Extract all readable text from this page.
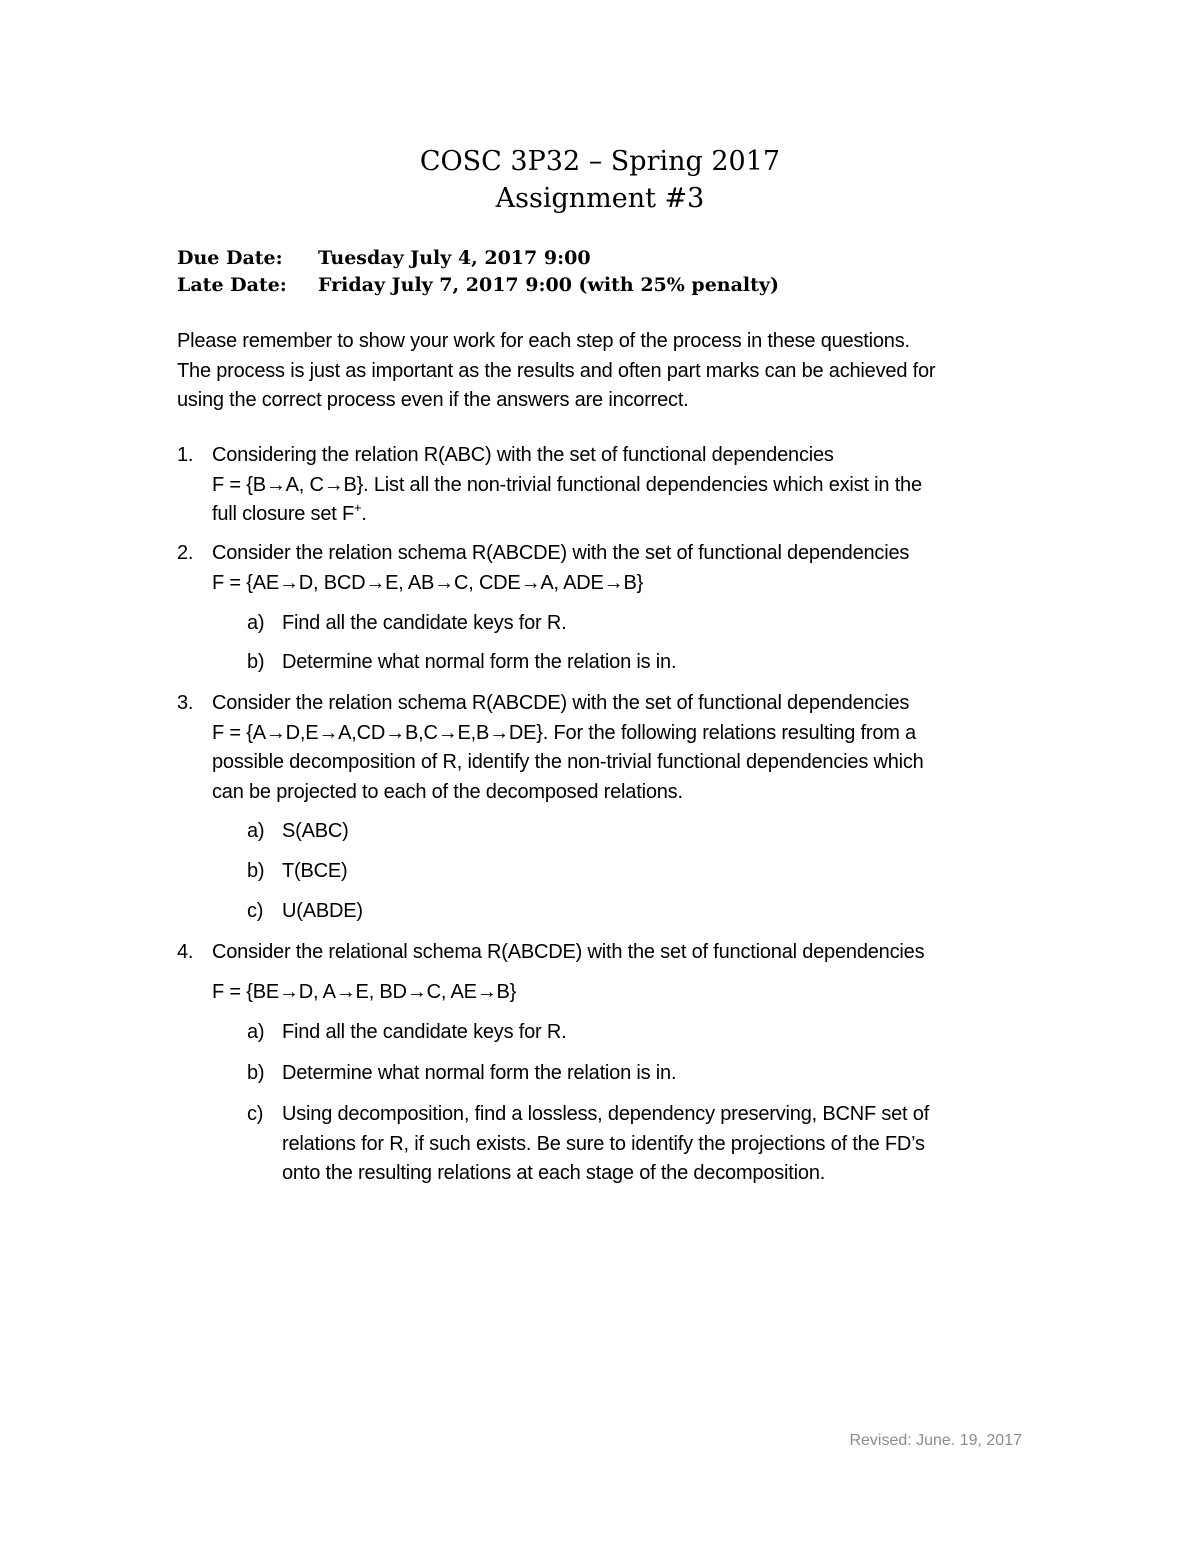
COSC 3P32 – Spring 2017
Assignment #3
Due Date: Tuesday July 4, 2017 9:00
Late Date: Friday July 7, 2017 9:00 (with 25% penalty)
Please remember to show your work for each step of the process in these questions.
The process is just as important as the results and often part marks can be achieved for
using the correct process even if the answers are incorrect.
1. Considering the relation R(ABC) with the set of functional dependencies
F = {B→A, C→B}. List all the non-trivial functional dependencies which exist in the
full closure set F+.
2. Consider the relation schema R(ABCDE) with the set of functional dependencies
F = {AE→D, BCD→E, AB→C, CDE→A, ADE→B}
a) Find all the candidate keys for R.
b) Determine what normal form the relation is in.
3. Consider the relation schema R(ABCDE) with the set of functional dependencies
F = {A→D,E→A,CD→B,C→E,B→DE}. For the following relations resulting from a
possible decomposition of R, identify the non-trivial functional dependencies which
can be projected to each of the decomposed relations.
a) S(ABC)
b) T(BCE)
c) U(ABDE)
4. Consider the relational schema R(ABCDE) with the set of functional dependencies
F = {BE→D, A→E, BD→C, AE→B}
a) Find all the candidate keys for R.
b) Determine what normal form the relation is in.
c) Using decomposition, find a lossless, dependency preserving, BCNF set of
relations for R, if such exists. Be sure to identify the projections of the FD’s
onto the resulting relations at each stage of the decomposition.
Revised: June. 19, 2017
